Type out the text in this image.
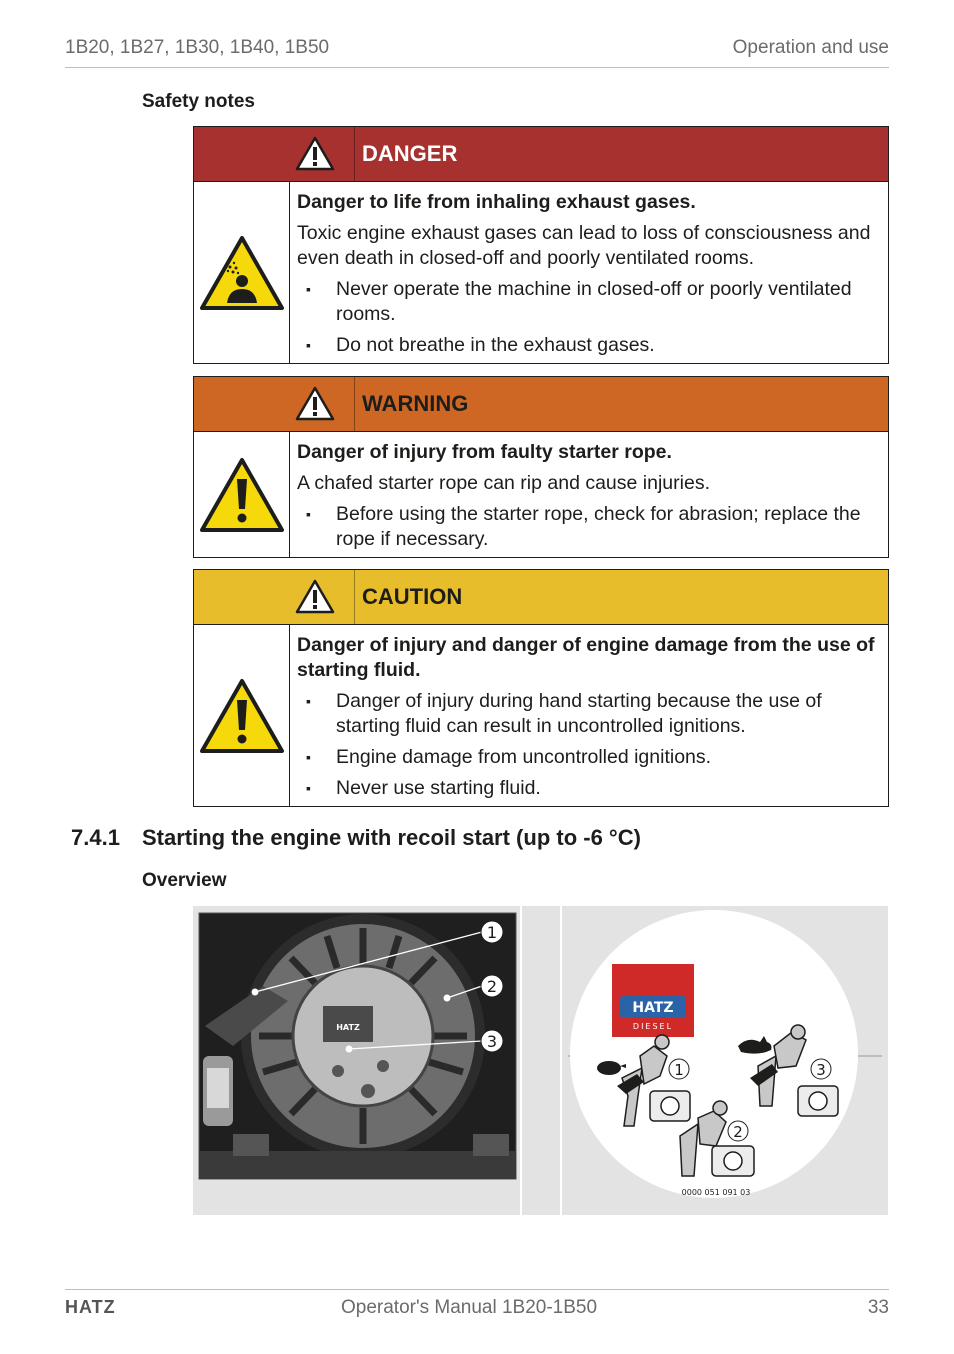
1B20, 1B27, 1B30, 1B40, 1B50	Operation and use
Safety notes
DANGER

Danger to life from inhaling exhaust gases.

Toxic engine exhaust gases can lead to loss of consciousness and even death in closed-off and poorly ventilated rooms.

▪ Never operate the machine in closed-off or poorly ventilated rooms.
▪ Do not breathe in the exhaust gases.
WARNING

Danger of injury from faulty starter rope.

A chafed starter rope can rip and cause injuries.

▪ Before using the starter rope, check for abrasion; replace the rope if necessary.
CAUTION

Danger of injury and danger of engine damage from the use of starting fluid.

▪ Danger of injury during hand starting because the use of starting fluid can result in uncontrolled ignitions.
▪ Engine damage from uncontrolled ignitions.
▪ Never use starting fluid.
7.4.1 Starting the engine with recoil start (up to -6 °C)
Overview
HATZ
1
2
3
HATZ
DIESEL
1
2
3
0000 051 091 03
HATZ	Operator's Manual 1B20-1B50	33
